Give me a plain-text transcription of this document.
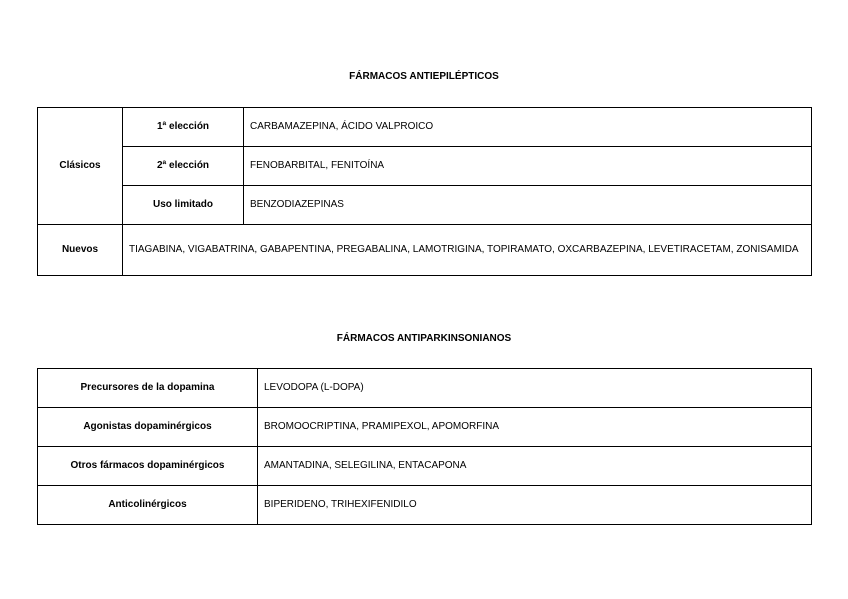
FÁRMACOS ANTIEPILÉPTICOS
Clásicos	1ª elección	CARBAMAZEPINA, ÁCIDO VALPROICO
	2ª elección	FENOBARBITAL, FENITOÍNA
	Uso limitado	BENZODIAZEPINAS
Nuevos	TIAGABINA, VIGABATRINA, GABAPENTINA, PREGABALINA, LAMOTRIGINA, TOPIRAMATO, OXCARBAZEPINA, LEVETIRACETAM, ZONISAMIDA	
FÁRMACOS ANTIPARKINSONIANOS
Precursores de la dopamina	LEVODOPA (L-DOPA)
Agonistas dopaminérgicos	BROMOOCRIPTINA, PRAMIPEXOL, APOMORFINA
Otros fármacos dopaminérgicos	AMANTADINA, SELEGILINA, ENTACAPONA
Anticolinérgicos	BIPERIDENO, TRIHEXIFENIDILO
